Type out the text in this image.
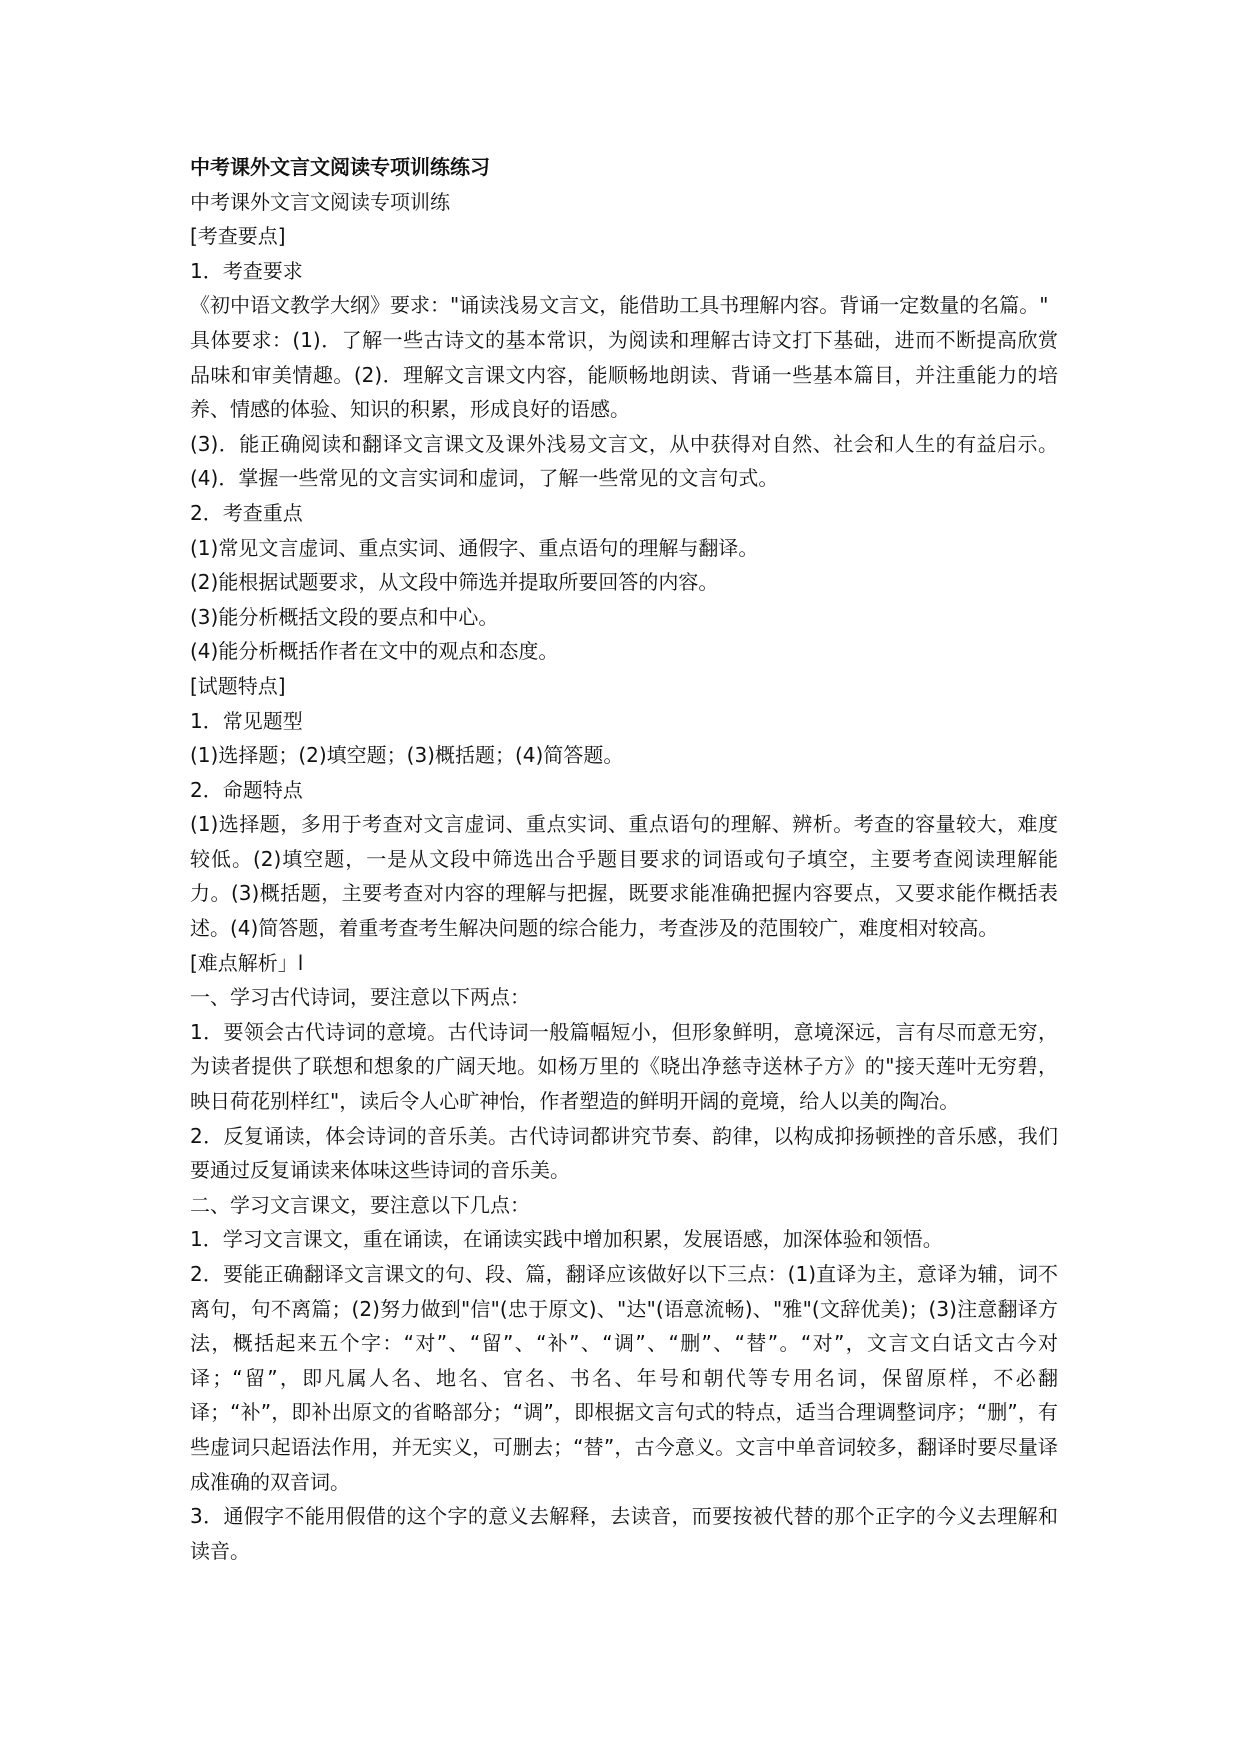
中考课外文言文阅读专项训练练习

中考课外文言文阅读专项训练

[考查要点]

1．考查要求

《初中语文教学大纲》要求："诵读浅易文言文，能借助工具书理解内容。背诵一定数量的名篇。"

具体要求：(1)．了解一些古诗文的基本常识，为阅读和理解古诗文打下基础，进而不断提高欣赏品味和审美情趣。(2)．理解文言课文内容，能顺畅地朗读、背诵一些基本篇目，并注重能力的培养、情感的体验、知识的积累，形成良好的语感。

(3)．能正确阅读和翻译文言课文及课外浅易文言文，从中获得对自然、社会和人生的有益启示。(4)．掌握一些常见的文言实词和虚词，了解一些常见的文言句式。

2．考查重点

(1)常见文言虚词、重点实词、通假字、重点语句的理解与翻译。

(2)能根据试题要求，从文段中筛选并提取所要回答的内容。

(3)能分析概括文段的要点和中心。

(4)能分析概括作者在文中的观点和态度。

[试题特点]

1．常见题型

(1)选择题；(2)填空题；(3)概括题；(4)简答题。

2．命题特点

(1)选择题，多用于考查对文言虚词、重点实词、重点语句的理解、辨析。考查的容量较大，难度较低。(2)填空题，一是从文段中筛选出合乎题目要求的词语或句子填空，主要考查阅读理解能力。(3)概括题，主要考查对内容的理解与把握，既要求能准确把握内容要点，又要求能作概括表述。(4)简答题，着重考查考生解决问题的综合能力，考查涉及的范围较广，难度相对较高。

[难点解析」l

一、学习古代诗词，要注意以下两点：

1．要领会古代诗词的意境。古代诗词一般篇幅短小，但形象鲜明，意境深远，言有尽而意无穷，为读者提供了联想和想象的广阔天地。如杨万里的《晓出净慈寺送林子方》的"接天莲叶无穷碧，映日荷花别样红"，读后令人心旷神怡，作者塑造的鲜明开阔的竟境，给人以美的陶冶。

2．反复诵读，体会诗词的音乐美。古代诗词都讲究节奏、韵律，以构成抑扬顿挫的音乐感，我们要通过反复诵读来体味这些诗词的音乐美。

二、学习文言课文，要注意以下几点：

1．学习文言课文，重在诵读，在诵读实践中增加积累，发展语感，加深体验和领悟。

2．要能正确翻译文言课文的句、段、篇，翻译应该做好以下三点：(1)直译为主，意译为辅，词不离句，句不离篇；(2)努力做到"信"(忠于原文)、"达"(语意流畅)、"雅"(文辞优美)；(3)注意翻译方法，概括起来五个字：“对”、“留”、“补”、“调”、“删”、“替”。“对”，文言文白话文古今对译；“留”，即凡属人名、地名、官名、书名、年号和朝代等专用名词，保留原样，不必翻译；“补”，即补出原文的省略部分；“调”，即根据文言句式的特点，适当合理调整词序；“删”，有些虚词只起语法作用，并无实义，可删去；“替”，古今意义。文言中单音词较多，翻译时要尽量译成准确的双音词。

3．通假字不能用假借的这个字的意义去解释，去读音，而要按被代替的那个正字的今义去理解和读音。
